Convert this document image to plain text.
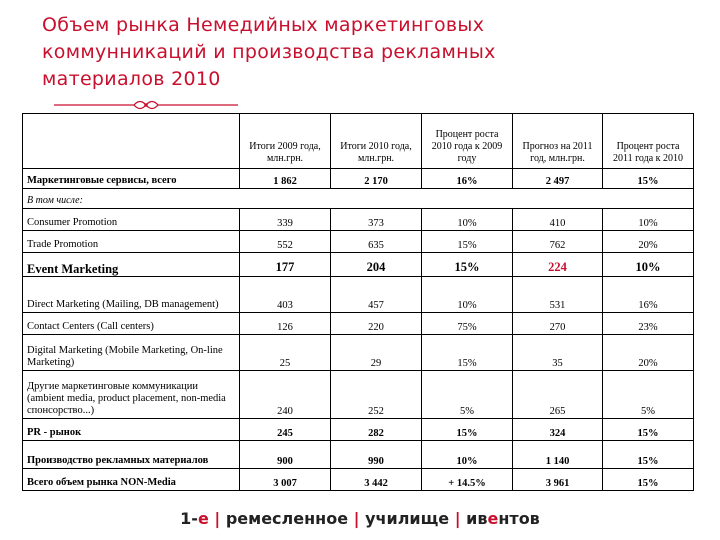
Объем рынка Немедийных маркетинговых
коммунникаций и производства рекламных
материалов 2010
	Итоги 2009 года, млн.грн.	Итоги 2010 года, млн.грн.	Процент роста 2010 года к 2009 году	Прогноз на 2011 год, млн.грн.	Процент роста 2011 года к 2010
Маркетинговые сервисы, всего	1 862	2 170	16%	2 497	15%
В том числе:					
Consumer Promotion	339	373	10%	410	10%
Trade Promotion	552	635	15%	762	20%
Event Marketing	177	204	15%	224	10%
Direct Marketing (Mailing, DB management)	403	457	10%	531	16%
Contact Centers (Call centers)	126	220	75%	270	23%
Digital Marketing (Mobile Marketing, On-line Marketing)	25	29	15%	35	20%
Другие маркетинговые коммуникации (ambient media, product placement, non-media спонсорство...)	240	252	5%	265	5%
PR - рынок	245	282	15%	324	15%
Производство рекламных материалов	900	990	10%	1 140	15%
Всего объем рынка NON-Media	3 007	3 442	+ 14.5%	3 961	15%
1-е | ремесленное | училище | ивентов
